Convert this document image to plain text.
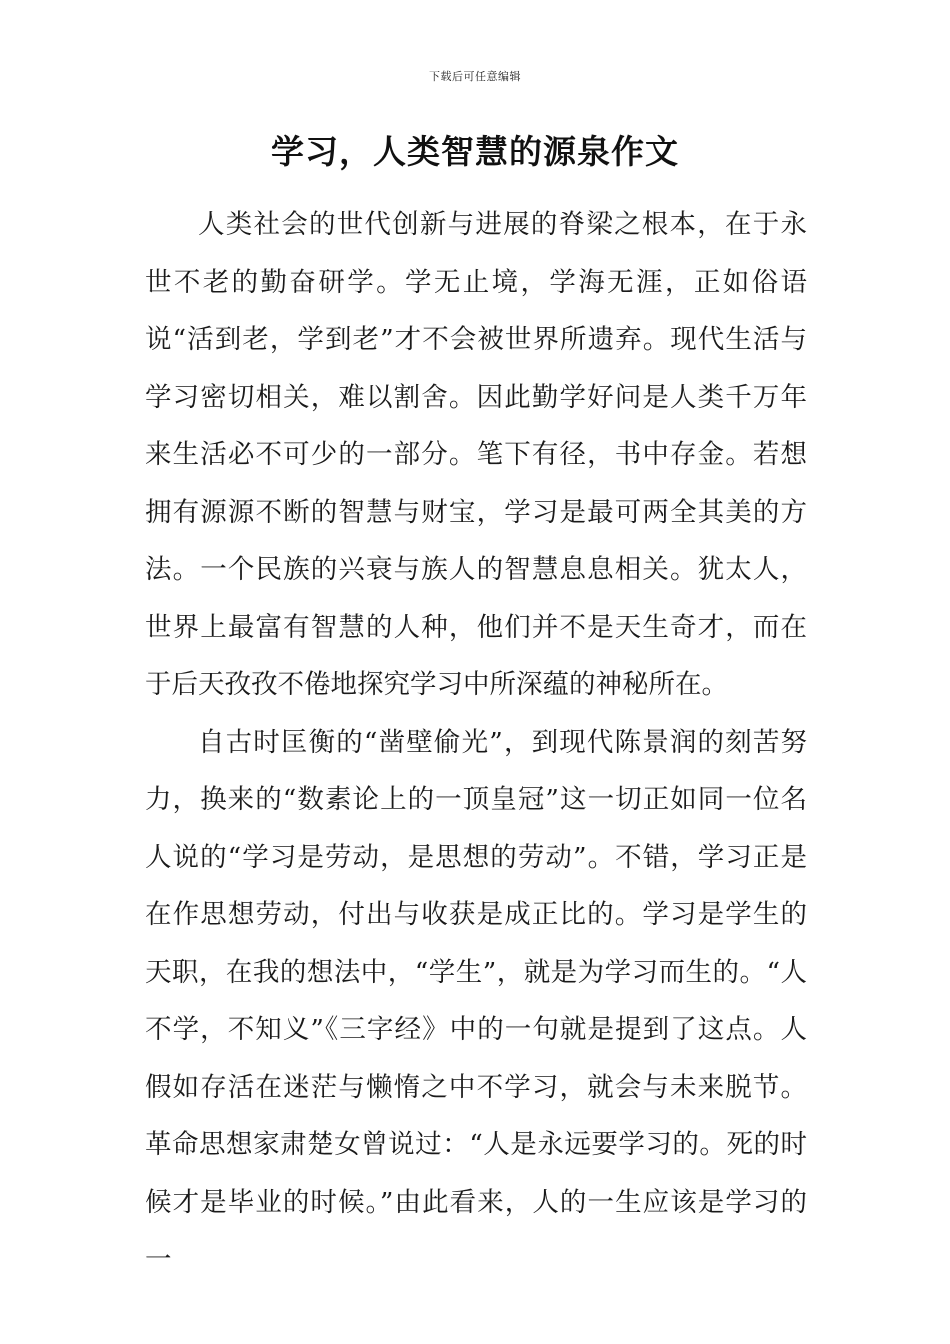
下载后可任意编辑
学习，人类智慧的源泉作文

人类社会的世代创新与进展的脊梁之根本，在于永世不老的勤奋研学。学无止境，学海无涯，正如俗语说“活到老，学到老”才不会被世界所遗弃。现代生活与学习密切相关，难以割舍。因此勤学好问是人类千万年来生活必不可少的一部分。笔下有径，书中存金。若想拥有源源不断的智慧与财宝，学习是最可两全其美的方法。一个民族的兴衰与族人的智慧息息相关。犹太人，世界上最富有智慧的人种，他们并不是天生奇才，而在于后天孜孜不倦地探究学习中所深蕴的神秘所在。

自古时匡衡的“凿壁偷光”，到现代陈景润的刻苦努力，换来的“数素论上的一顶皇冠”这一切正如同一位名人说的“学习是劳动，是思想的劳动”。不错，学习正是在作思想劳动，付出与收获是成正比的。学习是学生的天职，在我的想法中，“学生”，就是为学习而生的。“人不学，不知义”《三字经》中的一句就是提到了这点。人假如存活在迷茫与懒惰之中不学习，就会与未来脱节。革命思想家肃楚女曾说过：“人是永远要学习的。死的时候才是毕业的时候。”由此看来，人的一生应该是学习的一
